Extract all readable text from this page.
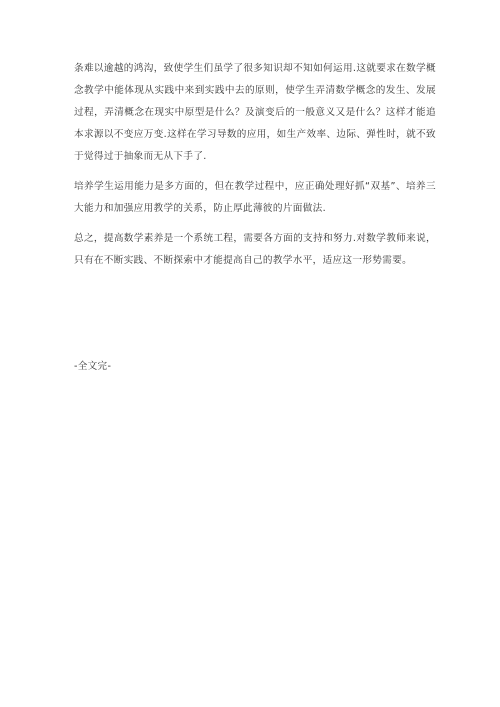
条难以逾越的鸿沟，致使学生们虽学了很多知识却不知如何运用.这就要求在数学概念教学中能体现从实践中来到实践中去的原则，使学生弄清数学概念的发生、发展过程，弄清概念在现实中原型是什么？及演变后的一般意义又是什么？这样才能追本求源以不变应万变.这样在学习导数的应用，如生产效率、边际、弹性时，就不致于觉得过于抽象而无从下手了.

培养学生运用能力是多方面的，但在教学过程中，应正确处理好抓“双基”、培养三大能力和加强应用教学的关系，防止厚此薄彼的片面做法.

总之，提高数学素养是一个系统工程，需要各方面的支持和努力.对数学教师来说，只有在不断实践、不断探索中才能提高自己的教学水平，适应这一形势需要。

-全文完-
